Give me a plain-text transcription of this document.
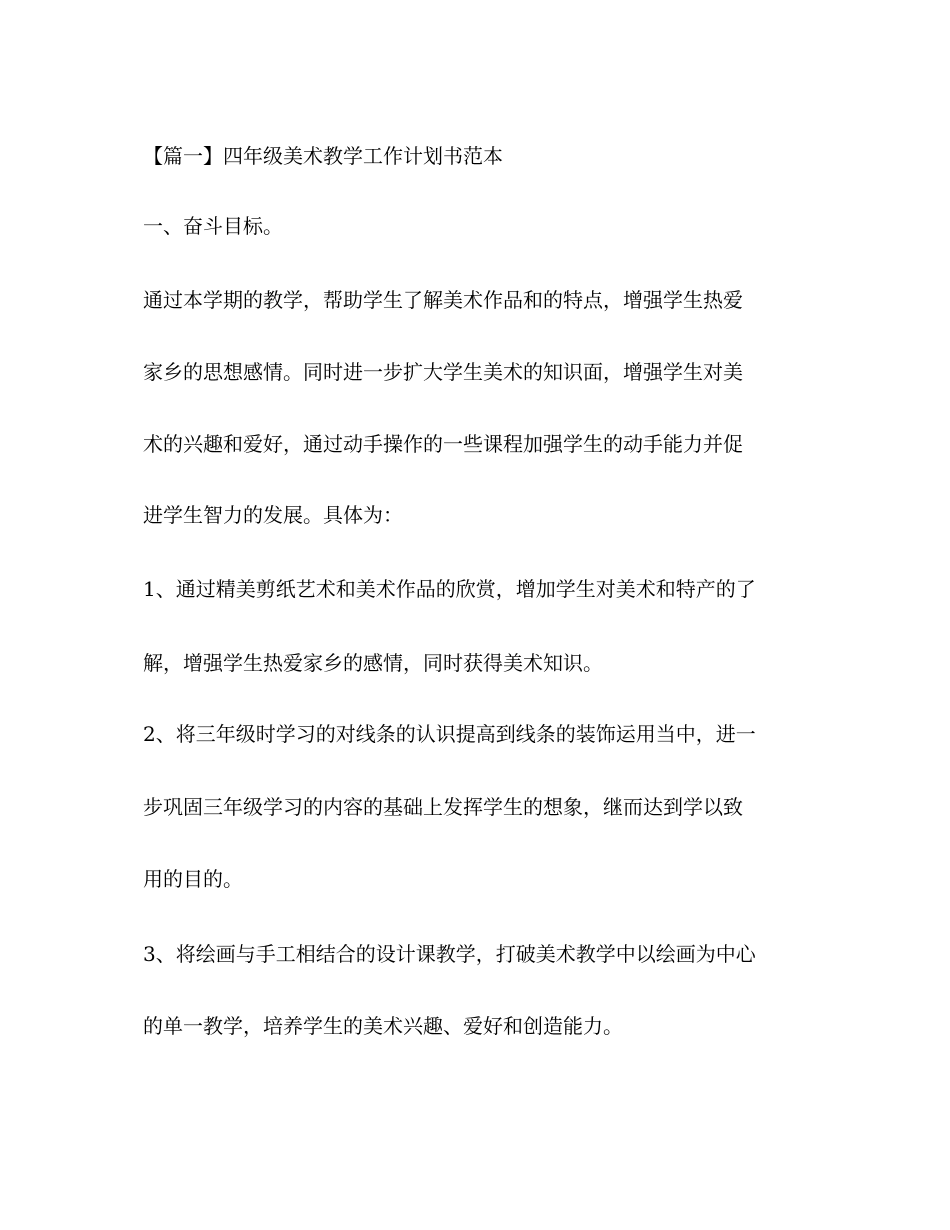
【篇一】四年级美术教学工作计划书范本

一、奋斗目标。

通过本学期的教学，帮助学生了解美术作品和的特点，增强学生热爱

家乡的思想感情。同时进一步扩大学生美术的知识面，增强学生对美

术的兴趣和爱好，通过动手操作的一些课程加强学生的动手能力并促

进学生智力的发展。具体为：

1、通过精美剪纸艺术和美术作品的欣赏，增加学生对美术和特产的了

解，增强学生热爱家乡的感情，同时获得美术知识。

2、将三年级时学习的对线条的认识提高到线条的装饰运用当中，进一

步巩固三年级学习的内容的基础上发挥学生的想象，继而达到学以致

用的目的。

3、将绘画与手工相结合的设计课教学，打破美术教学中以绘画为中心

的单一教学，培养学生的美术兴趣、爱好和创造能力。
